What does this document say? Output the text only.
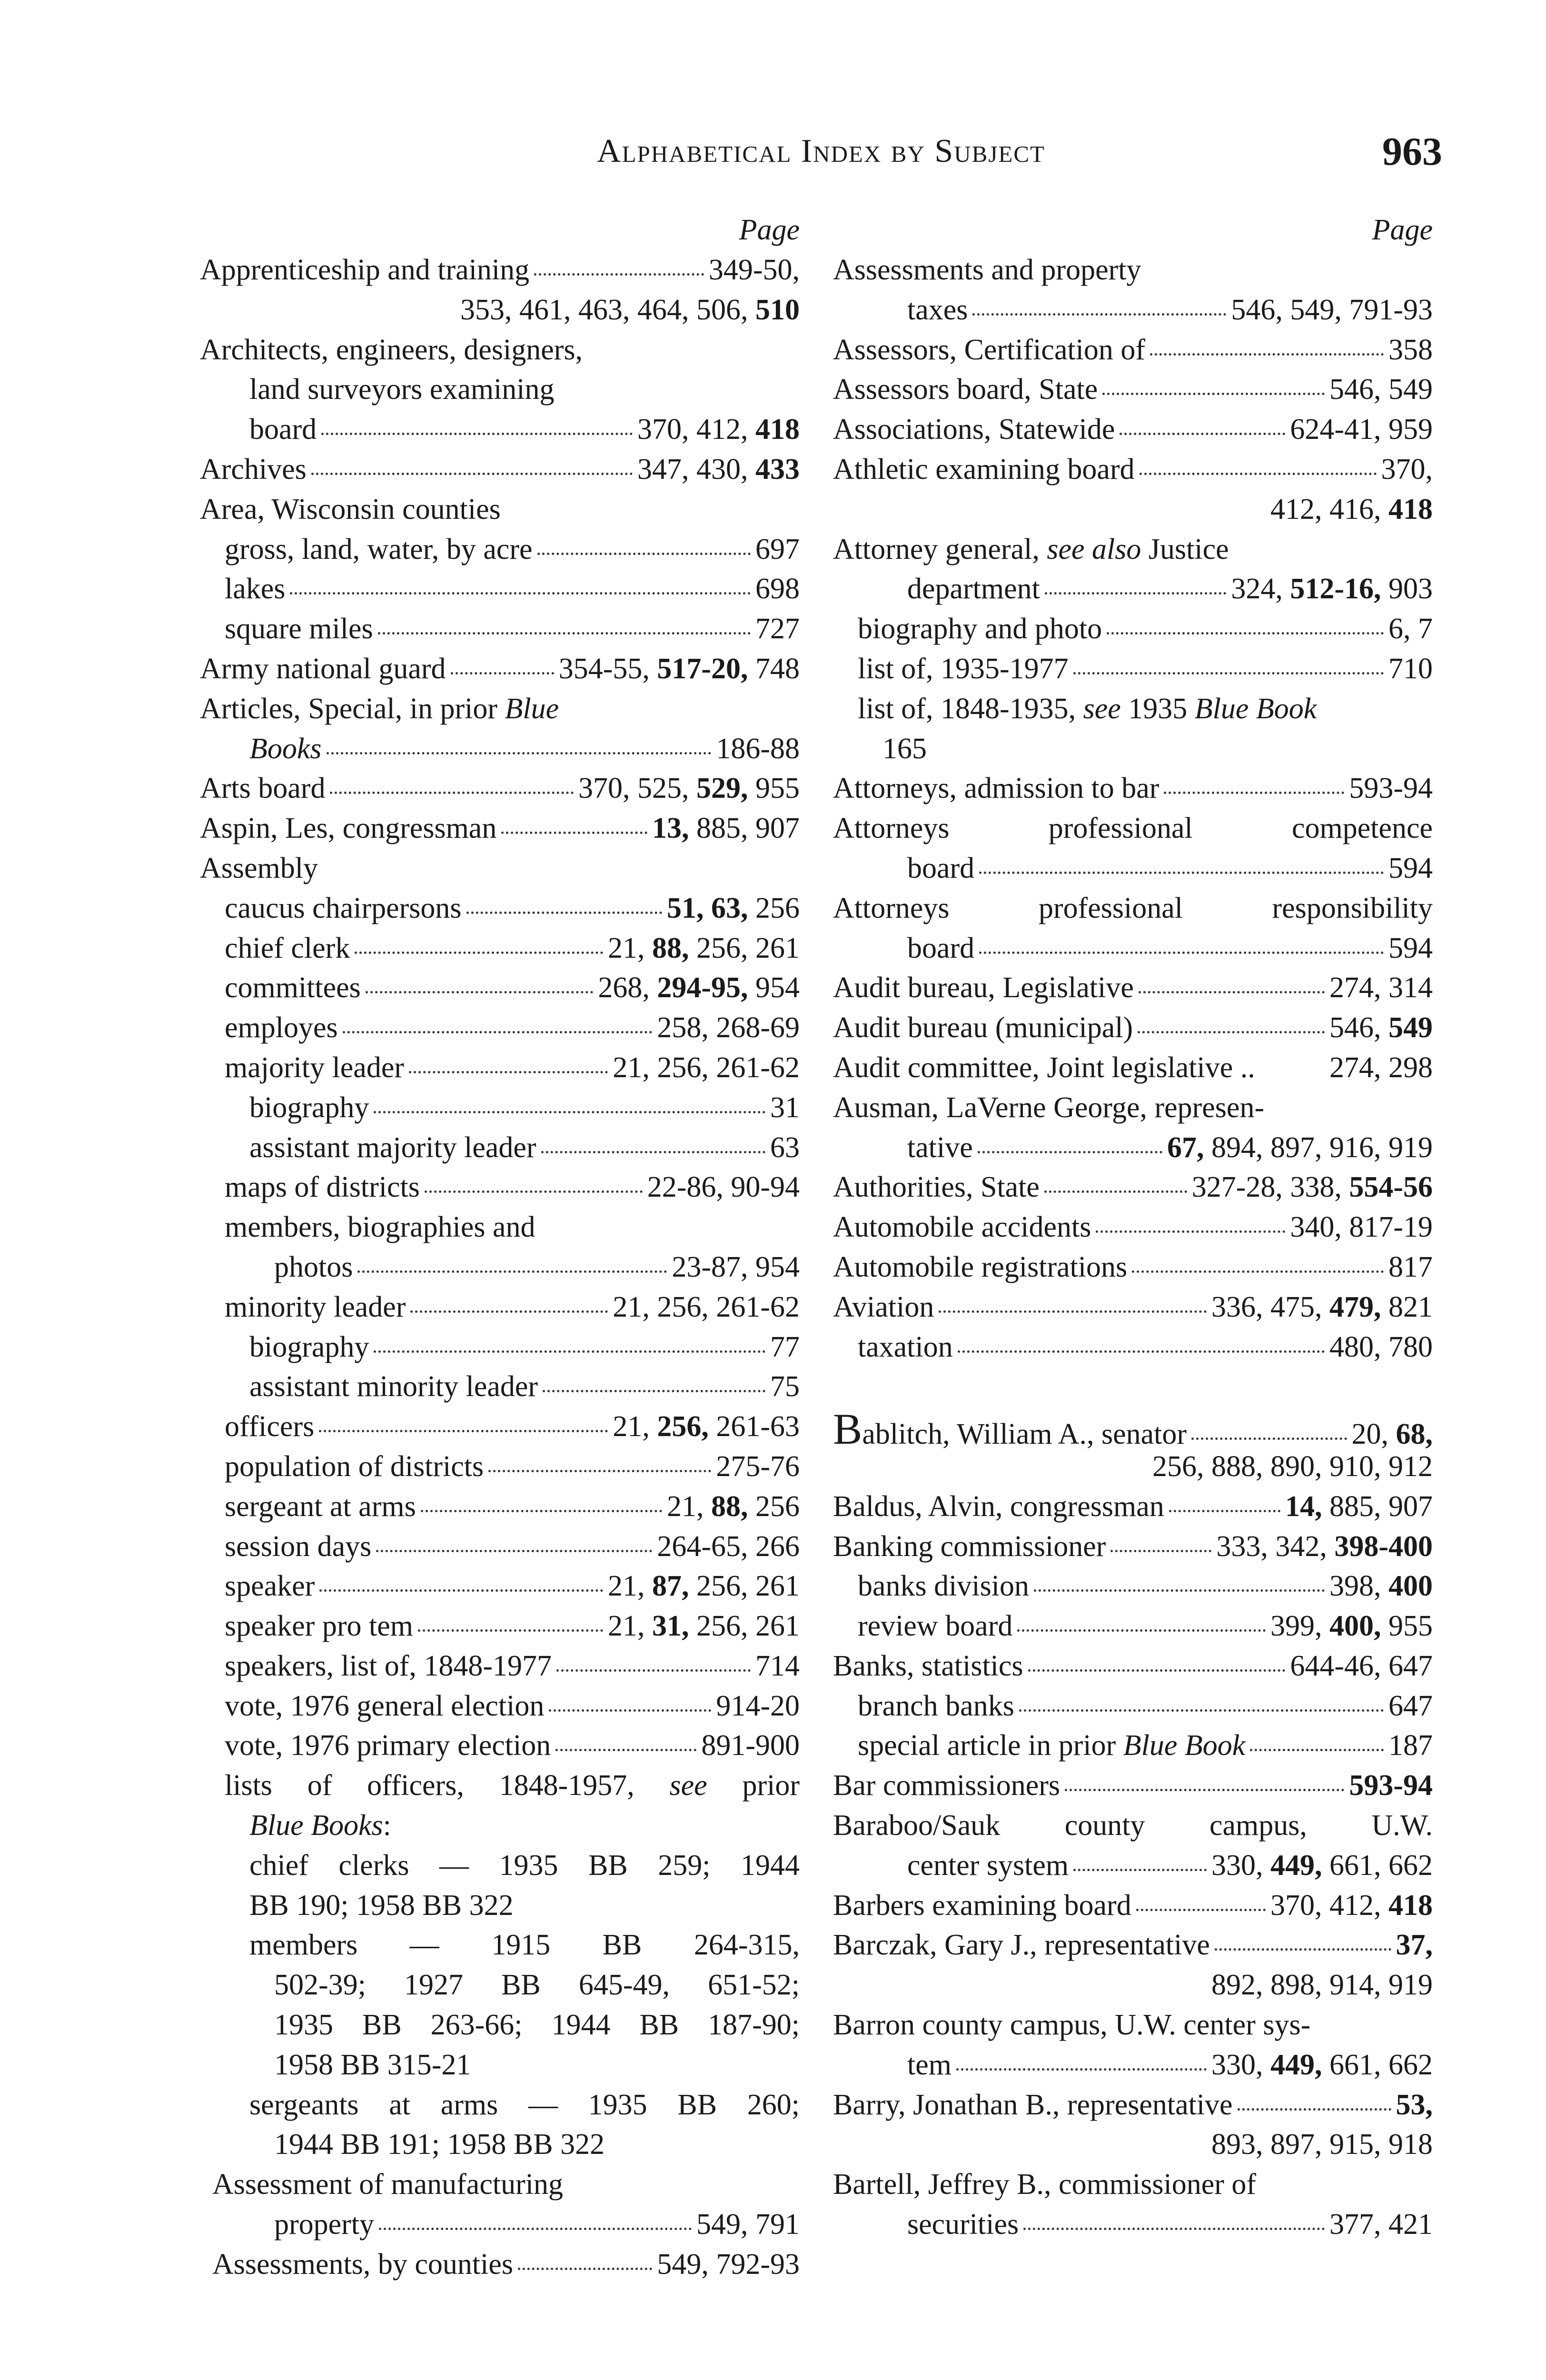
Alphabetical Index by Subject	963
Page
Apprenticeship and training	349-50,
353, 461, 463, 464, 506, 510
Architects, engineers, designers,
land surveyors examining
board	370, 412, 418
Archives	347, 430, 433
Area, Wisconsin counties
gross, land, water, by acre	697
lakes	698
square miles	727
Army national guard	354-55, 517-20, 748
Articles, Special, in prior Blue
Books	186-88
Arts board	370, 525, 529, 955
Aspin, Les, congressman	13, 885, 907
Assembly
caucus chairpersons	51, 63, 256
chief clerk	21, 88, 256, 261
committees	268, 294-95, 954
employes	258, 268-69
majority leader	21, 256, 261-62
biography	31
assistant majority leader	63
maps of districts	22-86, 90-94
members, biographies and
photos	23-87, 954
minority leader	21, 256, 261-62
biography	77
assistant minority leader	75
officers	21, 256, 261-63
population of districts	275-76
sergeant at arms	21, 88, 256
session days	264-65, 266
speaker	21, 87, 256, 261
speaker pro tem	21, 31, 256, 261
speakers, list of, 1848-1977	714
vote, 1976 general election	914-20
vote, 1976 primary election	891-900
lists of officers, 1848-1957, see prior
Blue Books:
chief clerks — 1935 BB 259; 1944
BB 190; 1958 BB 322
members — 1915 BB 264-315,
502-39; 1927 BB 645-49, 651-52;
1935 BB 263-66; 1944 BB 187-90;
1958 BB 315-21
sergeants at arms — 1935 BB 260;
1944 BB 191; 1958 BB 322
Assessment of manufacturing
property	549, 791
Assessments, by counties	549, 792-93
Page
Assessments and property
taxes	546, 549, 791-93
Assessors, Certification of	358
Assessors board, State	546, 549
Associations, Statewide	624-41, 959
Athletic examining board	370,
412, 416, 418
Attorney general, see also Justice
department	324, 512-16, 903
biography and photo	6, 7
list of, 1935-1977	710
list of, 1848-1935, see 1935 Blue Book
165
Attorneys, admission to bar	593-94
Attorneys professional competence
board	594
Attorneys professional responsibility
board	594
Audit bureau, Legislative	274, 314
Audit bureau (municipal)	546, 549
Audit committee, Joint legislative ..	274, 298
Ausman, LaVerne George, represen-
tative	67, 894, 897, 916, 919
Authorities, State	327-28, 338, 554-56
Automobile accidents	340, 817-19
Automobile registrations	817
Aviation	336, 475, 479, 821
taxation	480, 780
Bablitch, William A., senator	20, 68,
256, 888, 890, 910, 912
Baldus, Alvin, congressman	14, 885, 907
Banking commissioner	333, 342, 398-400
banks division	398, 400
review board	399, 400, 955
Banks, statistics	644-46, 647
branch banks	647
special article in prior Blue Book	187
Bar commissioners	593-94
Baraboo/Sauk county campus, U.W.
center system	330, 449, 661, 662
Barbers examining board	370, 412, 418
Barczak, Gary J., representative	37,
892, 898, 914, 919
Barron county campus, U.W. center sys-
tem	330, 449, 661, 662
Barry, Jonathan B., representative	53,
893, 897, 915, 918
Bartell, Jeffrey B., commissioner of
securities	377, 421
